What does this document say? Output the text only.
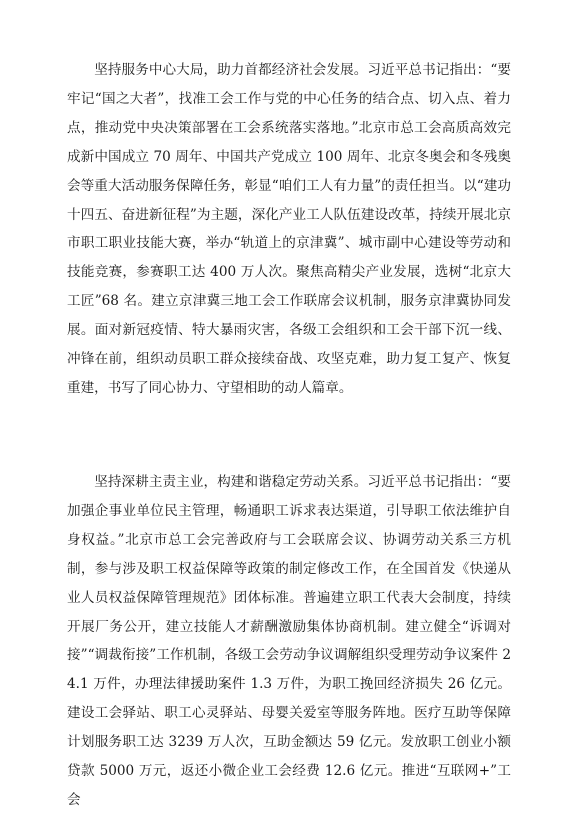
坚持服务中心大局，助力首都经济社会发展。习近平总书记指出：“要牢记“国之大者”，找准工会工作与党的中心任务的结合点、切入点、着力点，推动党中央决策部署在工会系统落实落地。”北京市总工会高质高效完成新中国成立 70 周年、中国共产党成立 100 周年、北京冬奥会和冬残奥会等重大活动服务保障任务，彰显“咱们工人有力量”的责任担当。以“建功十四五、奋进新征程”为主题，深化产业工人队伍建设改革，持续开展北京市职工职业技能大赛，举办“轨道上的京津冀”、城市副中心建设等劳动和技能竞赛，参赛职工达 400 万人次。聚焦高精尖产业发展，选树“北京大工匠”68 名。建立京津冀三地工会工作联席会议机制，服务京津冀协同发展。面对新冠疫情、特大暴雨灾害，各级工会组织和工会干部下沉一线、冲锋在前，组织动员职工群众接续奋战、攻坚克难，助力复工复产、恢复重建，书写了同心协力、守望相助的动人篇章。

坚持深耕主责主业，构建和谐稳定劳动关系。习近平总书记指出：“要加强企事业单位民主管理，畅通职工诉求表达渠道，引导职工依法维护自身权益。”北京市总工会完善政府与工会联席会议、协调劳动关系三方机制，参与涉及职工权益保障等政策的制定修改工作，在全国首发《快递从业人员权益保障管理规范》团体标准。普遍建立职工代表大会制度，持续开展厂务公开，建立技能人才薪酬激励集体协商机制。建立健全“诉调对接”“调裁衔接”工作机制，各级工会劳动争议调解组织受理劳动争议案件 24.1 万件，办理法律援助案件 1.3 万件，为职工挽回经济损失 26 亿元。建设工会驿站、职工心灵驿站、母婴关爱室等服务阵地。医疗互助等保障计划服务职工达 3239 万人次，互助金额达 59 亿元。发放职工创业小额贷款 5000 万元，返还小微企业工会经费 12.6 亿元。推进“互联网+”工会
